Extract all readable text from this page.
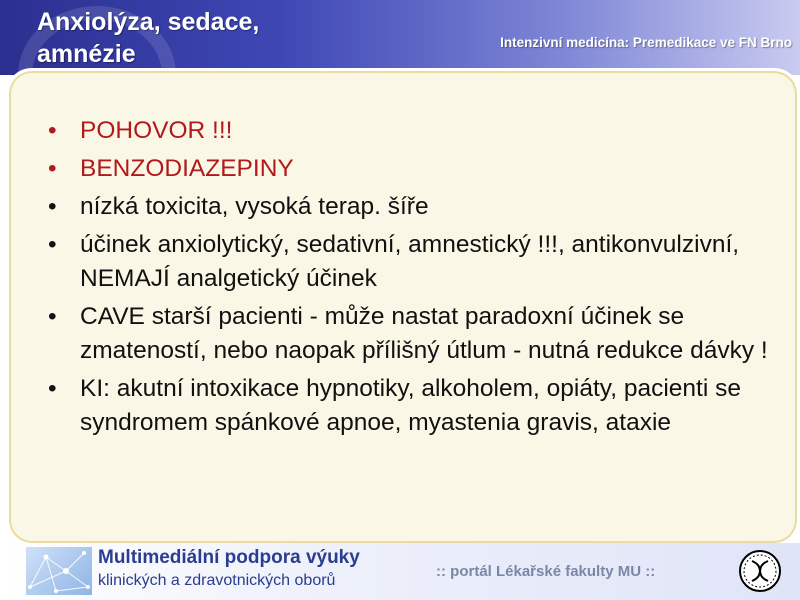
Anxiolýza, sedace,
amnézie	Intenzivní medicína: Premedikace ve FN Brno
• POHOVOR !!!
• BENZODIAZEPINY
• nízká toxicita, vysoká terap. šíře
• účinek anxiolytický, sedativní, amnestický !!!, antikonvulzivní, NEMAJÍ analgetický účinek
• CAVE starší pacienti - může nastat paradoxní účinek se zmateností, nebo naopak přílišný útlum - nutná redukce dávky !
• KI: akutní intoxikace hypnotiky, alkoholem, opiáty, pacienti se syndromem spánkové apnoe, myastenia gravis, ataxie
Multimediální podpora výuky
klinických a zdravotnických oborů
:: portál Lékařské fakulty MU ::
